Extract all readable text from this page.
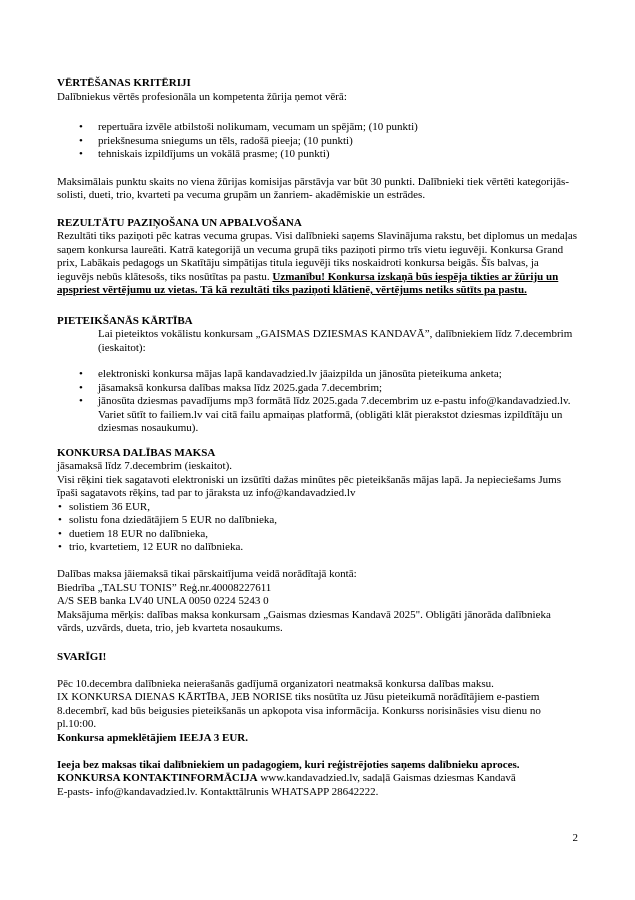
VĒRTĒŠANAS KRITĒRIJI
Dalībniekus vērtēs profesionāla un kompetenta žūrija ņemot vērā:
• repertuāra izvēle atbilstoši nolikumam, vecumam un spējām; (10 punkti)
• priekšnesuma sniegums un tēls, radošā pieeja; (10 punkti)
• tehniskais izpildījums un vokālā prasme; (10 punkti)
Maksimālais punktu skaits no viena žūrijas komisijas pārstāvja var būt 30 punkti. Dalībnieki tiek vērtēti kategorijās- solisti, dueti, trio, kvarteti pa vecuma grupām un žanriem- akadēmiskie un estrādes.
REZULTĀTU PAZIŅOŠANA UN APBALVOŠANA
Rezultāti tiks paziņoti pēc katras vecuma grupas. Visi dalībnieki saņems Slavinājuma rakstu, bet diplomus un medaļas saņem konkursa laureāti. Katrā kategorijā un vecuma grupā tiks paziņoti pirmo trīs vietu ieguvēji. Konkursa Grand prix, Labākais pedagogs un Skatītāju simpātijas titula ieguvēji tiks noskaidroti konkursa beigās. Šīs balvas, ja ieguvējs nebūs klātesošs, tiks nosūtītas pa pastu. Uzmanību! Konkursa izskaņā būs iespēja tikties ar žūriju un apspriest vērtējumu uz vietas. Tā kā rezultāti tiks paziņoti klātienē, vērtējums netiks sūtīts pa pastu.
PIETEIKŠANĀS KĀRTĪBA
Lai pieteiktos vokālistu konkursam „GAISMAS DZIESMAS KANDAVĀ”, dalībniekiem līdz 7.decembrim (ieskaitot):
• elektroniski konkursa mājas lapā kandavadzied.lv jāaizpilda un jānosūta pieteikuma anketa;
• jāsamaksā konkursa dalības maksa līdz 2025.gada 7.decembrim;
• jānosūta dziesmas pavadījums mp3 formātā līdz 2025.gada 7.decembrim uz e-pastu info@kandavadzied.lv. Variet sūtīt to failiem.lv vai citā failu apmaiņas platformā, (obligāti klāt pierakstot dziesmas izpildītāju un dziesmas nosaukumu).
KONKURSA DALĪBAS MAKSA
jāsamaksā līdz 7.decembrim (ieskaitot).
Visi rēķini tiek sagatavoti elektroniski un izsūtīti dažas minūtes pēc pieteikšanās mājas lapā. Ja nepieciešams Jums īpaši sagatavots rēķins, tad par to jāraksta uz info@kandavadzied.lv
• solistiem 36 EUR,
• solistu fona dziedātājiem 5 EUR no dalībnieka,
• duetiem 18 EUR no dalībnieka,
• trio, kvartetiem, 12 EUR no dalībnieka.
Dalības maksa jāiemaksā tikai pārskaitījuma veidā norādītajā kontā:
Biedrība „TALSU TONIS” Reģ.nr.40008227611
A/S SEB banka LV40 UNLA 0050 0224 5243 0
Maksājuma mērķis: dalības maksa konkursam „Gaismas dziesmas Kandavā 2025". Obligāti jānorāda dalībnieka vārds, uzvārds, dueta, trio, jeb kvarteta nosaukums.
SVARĪGI!
Pēc 10.decembra dalībnieka neierašanās gadījumā organizatori neatmaksā konkursa dalības maksu.
IX KONKURSA DIENAS KĀRTĪBA, JEB NORISE tiks nosūtīta uz Jūsu pieteikumā norādītājiem e-pastiem 8.decembrī, kad būs beigusies pieteikšanās un apkopota visa informācija. Konkurss norisināsies visu dienu no pl.10:00.
Konkursa apmeklētājiem IEEJA 3 EUR.
Ieeja bez maksas tikai dalībniekiem un padagogiem, kuri reģistrējoties saņems dalībnieku aproces.
KONKURSA KONTAKTINFORMĀCIJA www.kandavadzied.lv, sadaļā Gaismas dziesmas Kandavā
E-pasts- info@kandavadzied.lv. Kontakttālrunis WHATSAPP 28642222.
2
